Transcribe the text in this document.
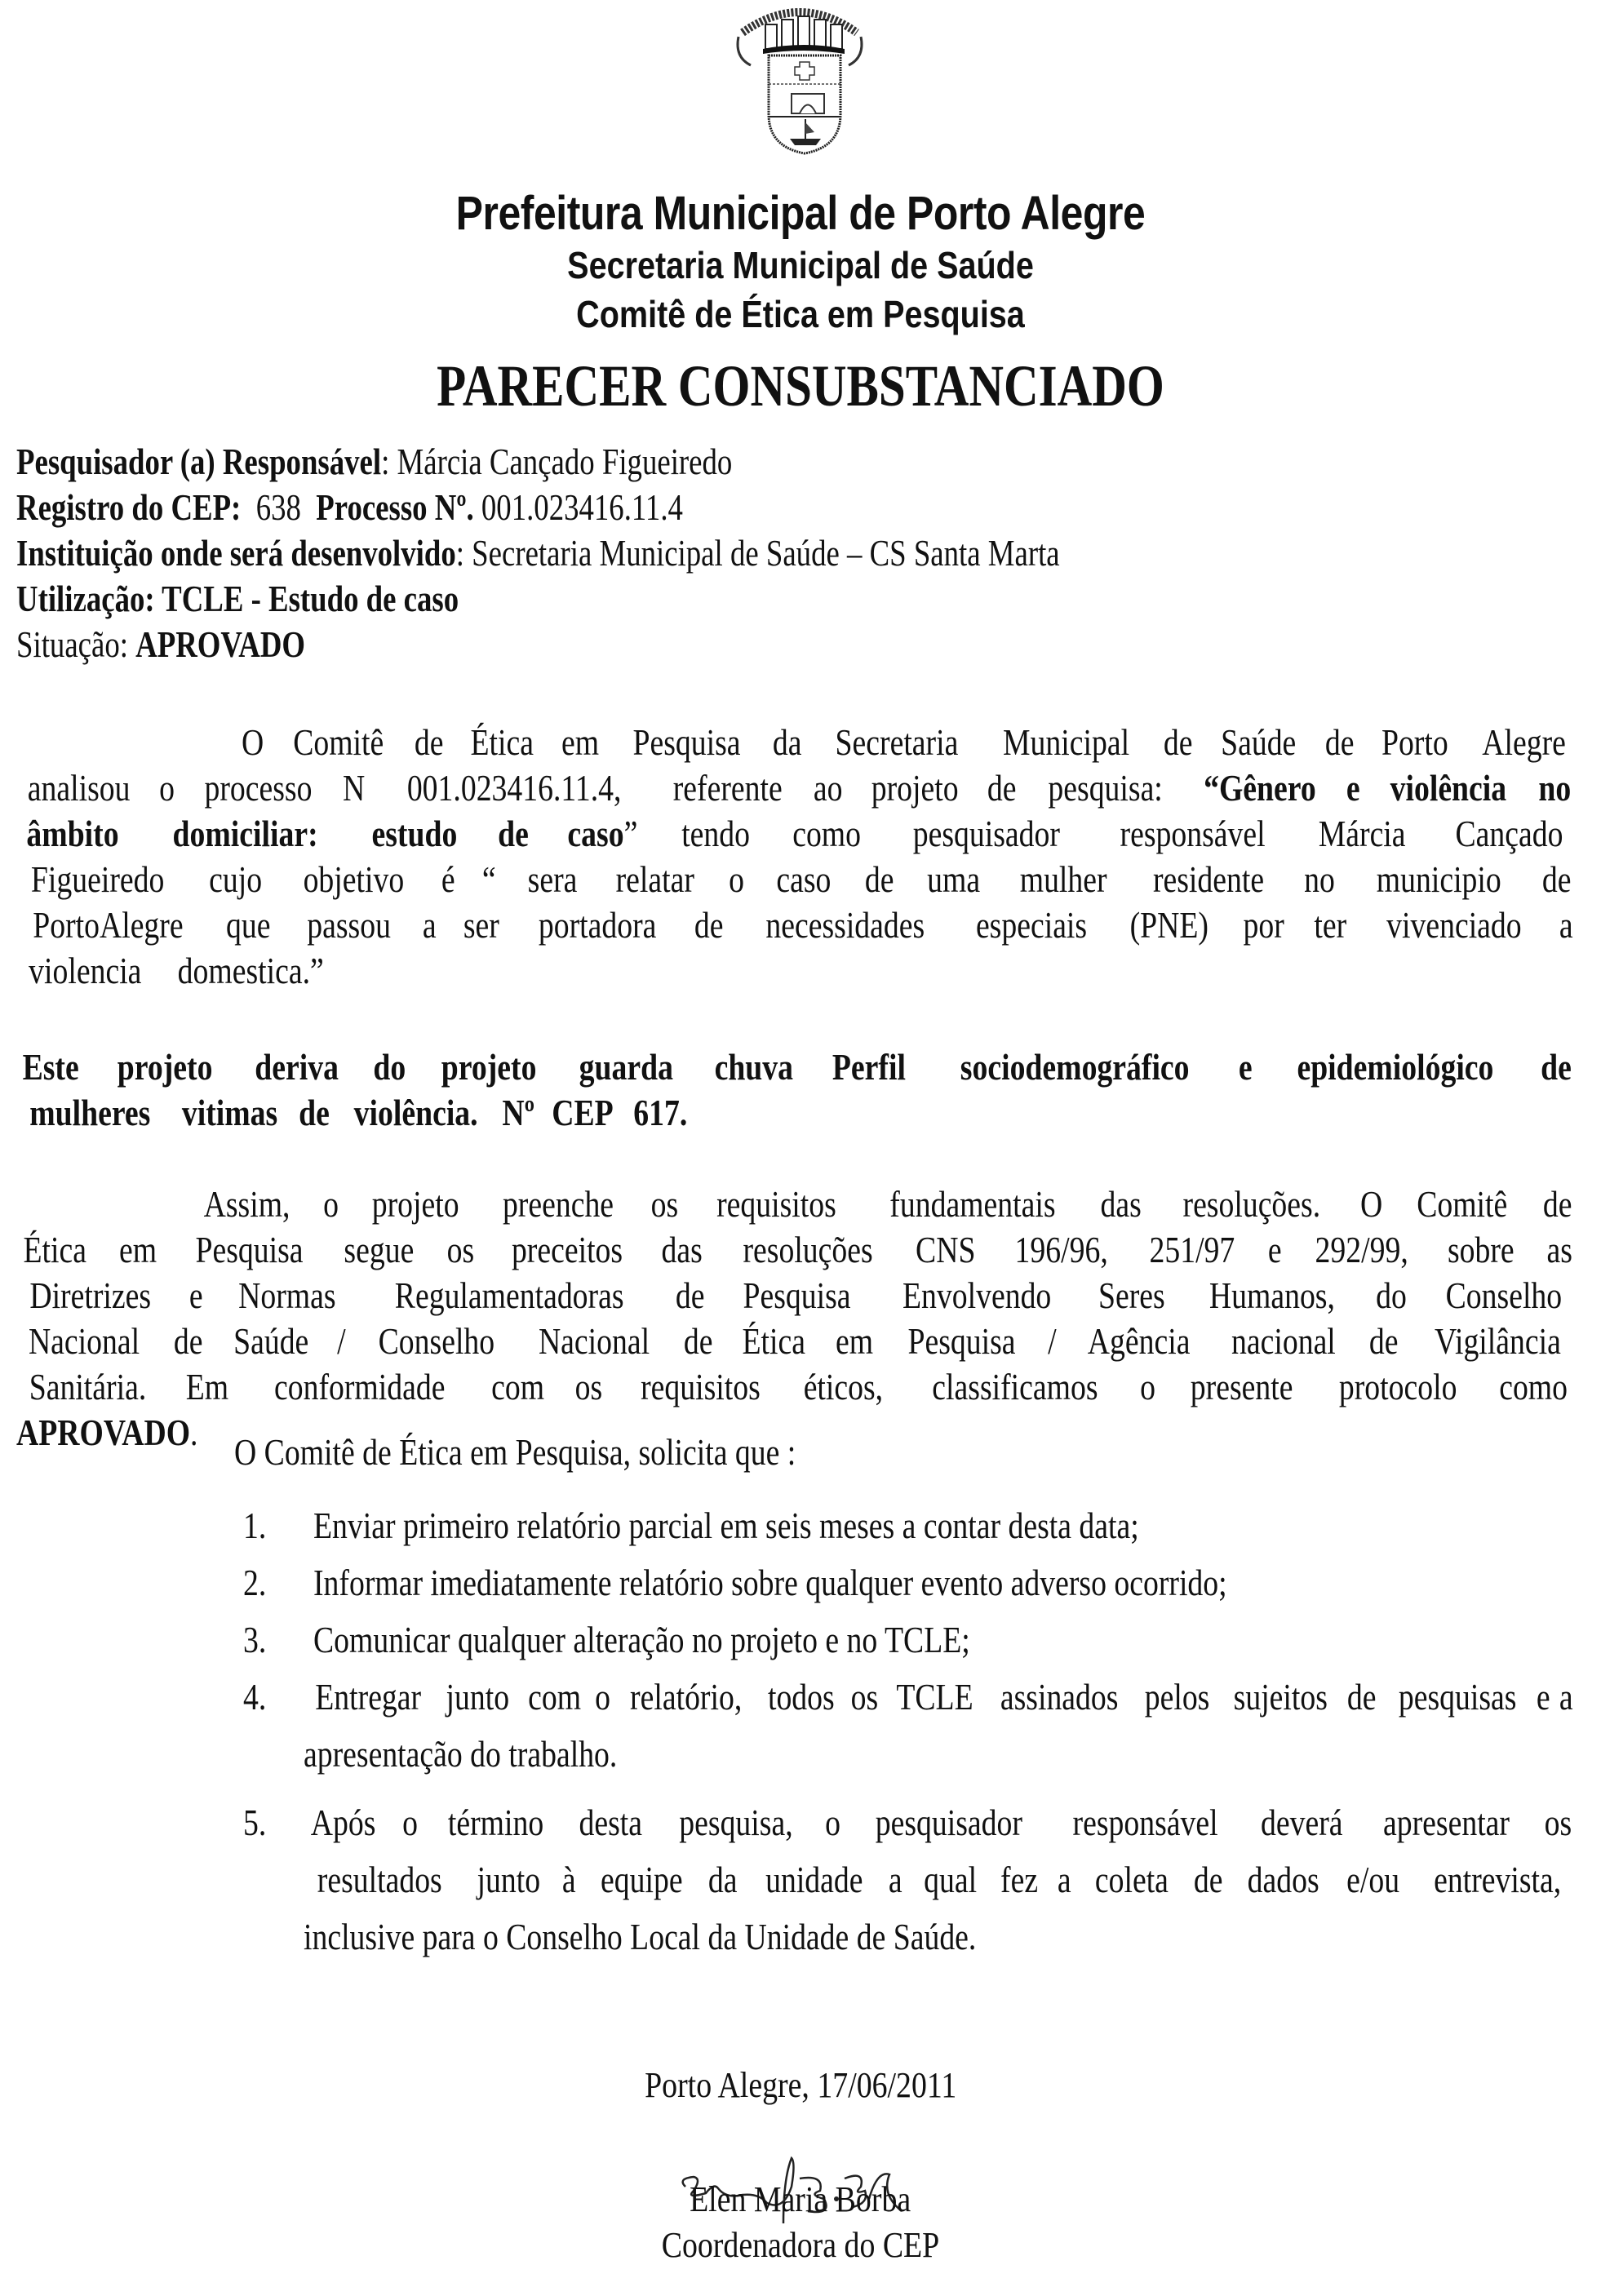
Prefeitura Municipal de Porto Alegre
Secretaria Municipal de Saúde
Comitê de Ética em Pesquisa
PARECER CONSUBSTANCIADO
Pesquisador (a) Responsável: Márcia Cançado Figueiredo
Registro do CEP: 638 Processo Nº. 001.023416.11.4
Instituição onde será desenvolvido: Secretaria Municipal de Saúde – CS Santa Marta
Utilização: TCLE - Estudo de caso
Situação: APROVADO
O Comitê de Ética em Pesquisa da Secretaria Municipal de Saúde de Porto Alegre
analisou o processo N 001.023416.11.4, referente ao projeto de pesquisa: “Gênero e violência no
âmbito domiciliar: estudo de caso” tendo como pesquisador responsável Márcia Cançado
Figueiredo cujo objetivo é “ sera relatar o caso de uma mulher residente no municipio de
PortoAlegre que passou a ser portadora de necessidades especiais (PNE) por ter vivenciado a
violencia domestica.”
Este projeto deriva do projeto guarda chuva Perfil sociodemográfico e epidemiológico de
mulheres vitimas de violência. Nº CEP 617.
Assim, o projeto preenche os requisitos fundamentais das resoluções. O Comitê de
Ética em Pesquisa segue os preceitos das resoluções CNS 196/96, 251/97 e 292/99, sobre as
Diretrizes e Normas Regulamentadoras de Pesquisa Envolvendo Seres Humanos, do Conselho
Nacional de Saúde / Conselho Nacional de Ética em Pesquisa / Agência nacional de Vigilância
Sanitária. Em conformidade com os requisitos éticos, classificamos o presente protocolo como
APROVADO. O Comitê de Ética em Pesquisa, solicita que :
1. Enviar primeiro relatório parcial em seis meses a contar desta data;
2. Informar imediatamente relatório sobre qualquer evento adverso ocorrido;
3. Comunicar qualquer alteração no projeto e no TCLE;
4. Entregar junto com o relatório, todos os TCLE assinados pelos sujeitos de pesquisas e a
apresentação do trabalho.
5. Após o término desta pesquisa, o pesquisador responsável deverá apresentar os
resultados junto à equipe da unidade a qual fez a coleta de dados e/ou entrevista,
inclusive para o Conselho Local da Unidade de Saúde.
Porto Alegre, 17/06/2011
Elen Maria Borba
Coordenadora do CEP
